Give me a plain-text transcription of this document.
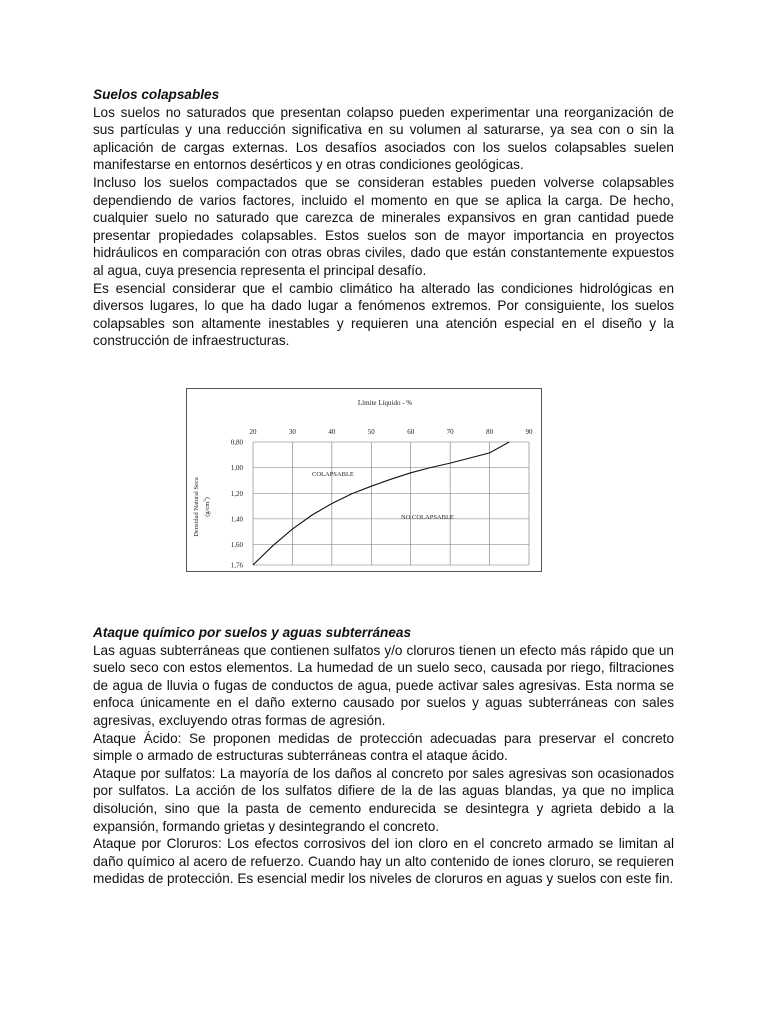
Suelos colapsables

Los suelos no saturados que presentan colapso pueden experimentar una reorganización de sus partículas y una reducción significativa en su volumen al saturarse, ya sea con o sin la aplicación de cargas externas. Los desafíos asociados con los suelos colapsables suelen manifestarse en entornos desérticos y en otras condiciones geológicas.

Incluso los suelos compactados que se consideran estables pueden volverse colapsables dependiendo de varios factores, incluido el momento en que se aplica la carga. De hecho, cualquier suelo no saturado que carezca de minerales expansivos en gran cantidad puede presentar propiedades colapsables. Estos suelos son de mayor importancia en proyectos hidráulicos en comparación con otras obras civiles, dado que están constantemente expuestos al agua, cuya presencia representa el principal desafío.

Es esencial considerar que el cambio climático ha alterado las condiciones hidrológicas en diversos lugares, lo que ha dado lugar a fenómenos extremos. Por consiguiente, los suelos colapsables son altamente inestables y requieren una atención especial en el diseño y la construcción de infraestructuras.

Límite Líquido - %
20	30	40	50	60	70	80	90
0,80
1,00
1,20
1,40
1,60
1,76
COLAPSABLE
NO COLAPSABLE
Densidad Natural Seca $(g/cm^3)$
Ataque químico por suelos y aguas subterráneas

Las aguas subterráneas que contienen sulfatos y/o cloruros tienen un efecto más rápido que un suelo seco con estos elementos. La humedad de un suelo seco, causada por riego, filtraciones de agua de lluvia o fugas de conductos de agua, puede activar sales agresivas. Esta norma se enfoca únicamente en el daño externo causado por suelos y aguas subterráneas con sales agresivas, excluyendo otras formas de agresión.

Ataque Ácido: Se proponen medidas de protección adecuadas para preservar el concreto simple o armado de estructuras subterráneas contra el ataque ácido.

Ataque por sulfatos: La mayoría de los daños al concreto por sales agresivas son ocasionados por sulfatos. La acción de los sulfatos difiere de la de las aguas blandas, ya que no implica disolución, sino que la pasta de cemento endurecida se desintegra y agrieta debido a la expansión, formando grietas y desintegrando el concreto.

Ataque por Cloruros: Los efectos corrosivos del ion cloro en el concreto armado se limitan al daño químico al acero de refuerzo. Cuando hay un alto contenido de iones cloruro, se requieren medidas de protección. Es esencial medir los niveles de cloruros en aguas y suelos con este fin.
